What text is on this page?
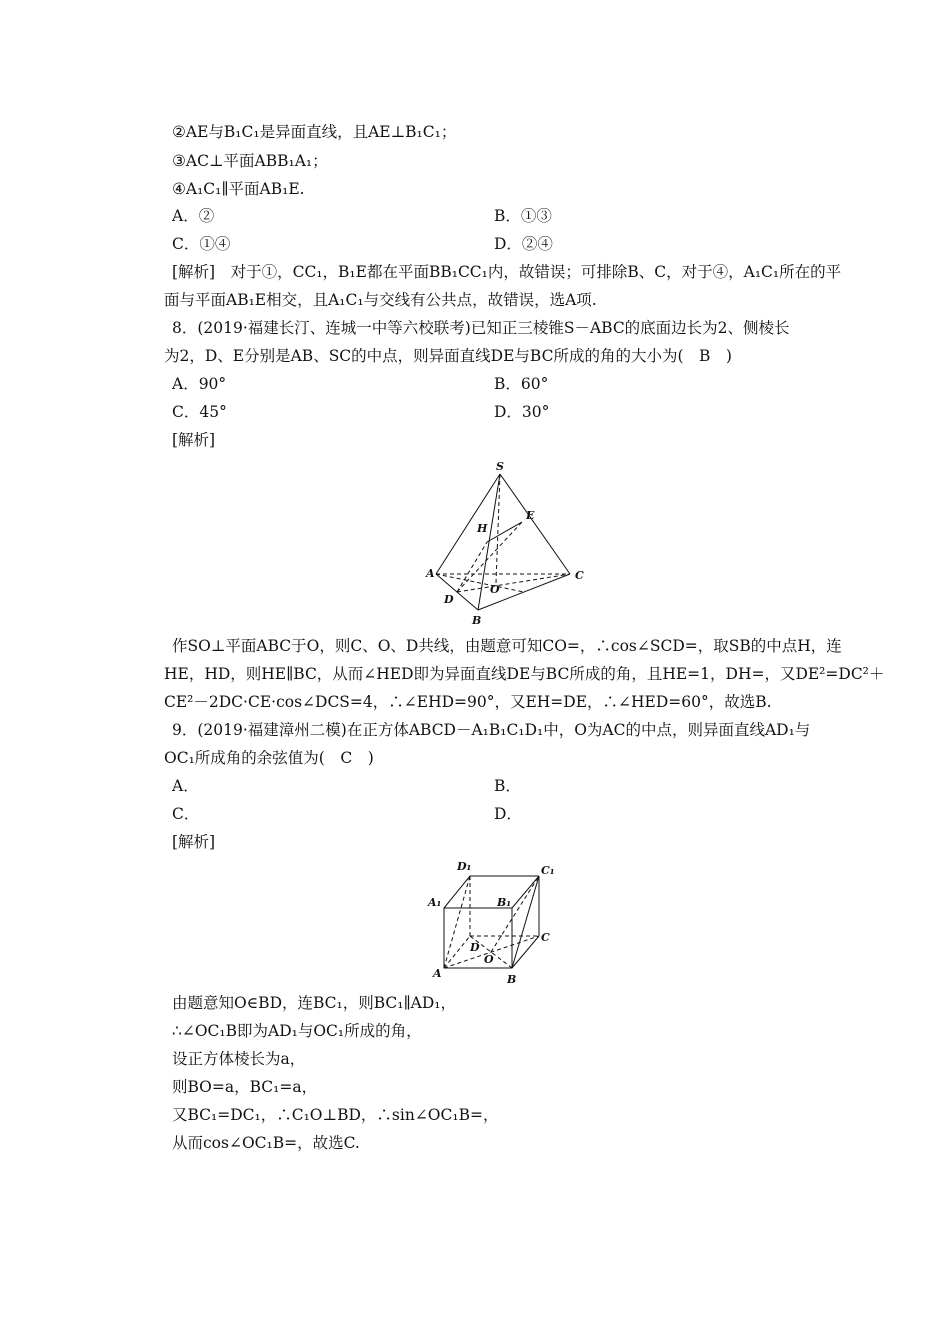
②AE与B₁C₁是异面直线，且AE⊥B₁C₁；
③AC⊥平面ABB₁A₁；
④A₁C₁∥平面AB₁E.
A．②	B．①③
C．①④	D．②④
[解析]　对于①，CC₁，B₁E都在平面BB₁CC₁内，故错误；可排除B、C，对于④，A₁C₁所在的平
面与平面AB₁E相交，且A₁C₁与交线有公共点，故错误，选A项.
8．(2019·福建长汀、连城一中等六校联考)已知正三棱锥S－ABC的底面边长为2、侧棱长
为2，D、E分别是AB、SC的中点，则异面直线DE与BC所成的角的大小为(　B　)
A．90°	B．60°
C．45°	D．30°
[解析]
S
E
H
A	C
O
D
B
作SO⊥平面ABC于O，则C、O、D共线，由题意可知CO=，∴cos∠SCD=，取SB的中点H，连
HE，HD，则HE∥BC，从而∠HED即为异面直线DE与BC所成的角，且HE=1，DH=，又DE²=DC²＋
CE²－2DC·CE·cos∠DCS=4，∴∠EHD=90°，又EH=DE，∴∠HED=60°，故选B.
9．(2019·福建漳州二模)在正方体ABCD－A₁B₁C₁D₁中，O为AC的中点，则异面直线AD₁与
OC₁所成角的余弦值为(　C　)
A．	B．
C．	D．
[解析]
D₁	C₁
A₁	B₁
C
D
O
A	B
由题意知O∈BD，连BC₁，则BC₁∥AD₁，
∴∠OC₁B即为AD₁与OC₁所成的角，
设正方体棱长为a，
则BO=a，BC₁=a，
又BC₁=DC₁，∴C₁O⊥BD，∴sin∠OC₁B=，
从而cos∠OC₁B=，故选C.
